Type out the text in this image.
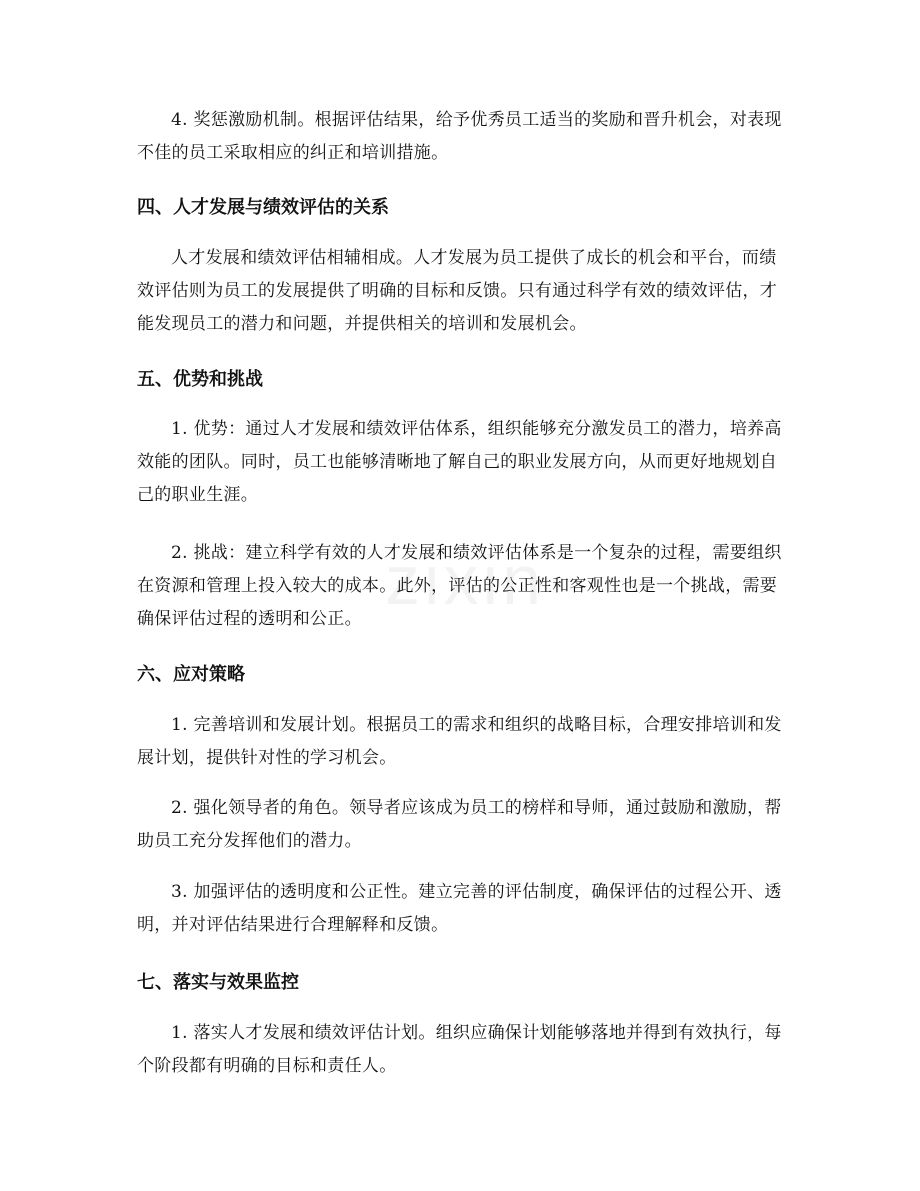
4. 奖惩激励机制。根据评估结果，给予优秀员工适当的奖励和晋升机会，对表现不佳的员工采取相应的纠正和培训措施。

四、人才发展与绩效评估的关系

人才发展和绩效评估相辅相成。人才发展为员工提供了成长的机会和平台，而绩效评估则为员工的发展提供了明确的目标和反馈。只有通过科学有效的绩效评估，才能发现员工的潜力和问题，并提供相关的培训和发展机会。

五、优势和挑战

1. 优势：通过人才发展和绩效评估体系，组织能够充分激发员工的潜力，培养高效能的团队。同时，员工也能够清晰地了解自己的职业发展方向，从而更好地规划自己的职业生涯。

2. 挑战：建立科学有效的人才发展和绩效评估体系是一个复杂的过程，需要组织在资源和管理上投入较大的成本。此外，评估的公正性和客观性也是一个挑战，需要确保评估过程的透明和公正。

六、应对策略

1. 完善培训和发展计划。根据员工的需求和组织的战略目标，合理安排培训和发展计划，提供针对性的学习机会。

2. 强化领导者的角色。领导者应该成为员工的榜样和导师，通过鼓励和激励，帮助员工充分发挥他们的潜力。

3. 加强评估的透明度和公正性。建立完善的评估制度，确保评估的过程公开、透明，并对评估结果进行合理解释和反馈。

七、落实与效果监控

1. 落实人才发展和绩效评估计划。组织应确保计划能够落地并得到有效执行，每个阶段都有明确的目标和责任人。
